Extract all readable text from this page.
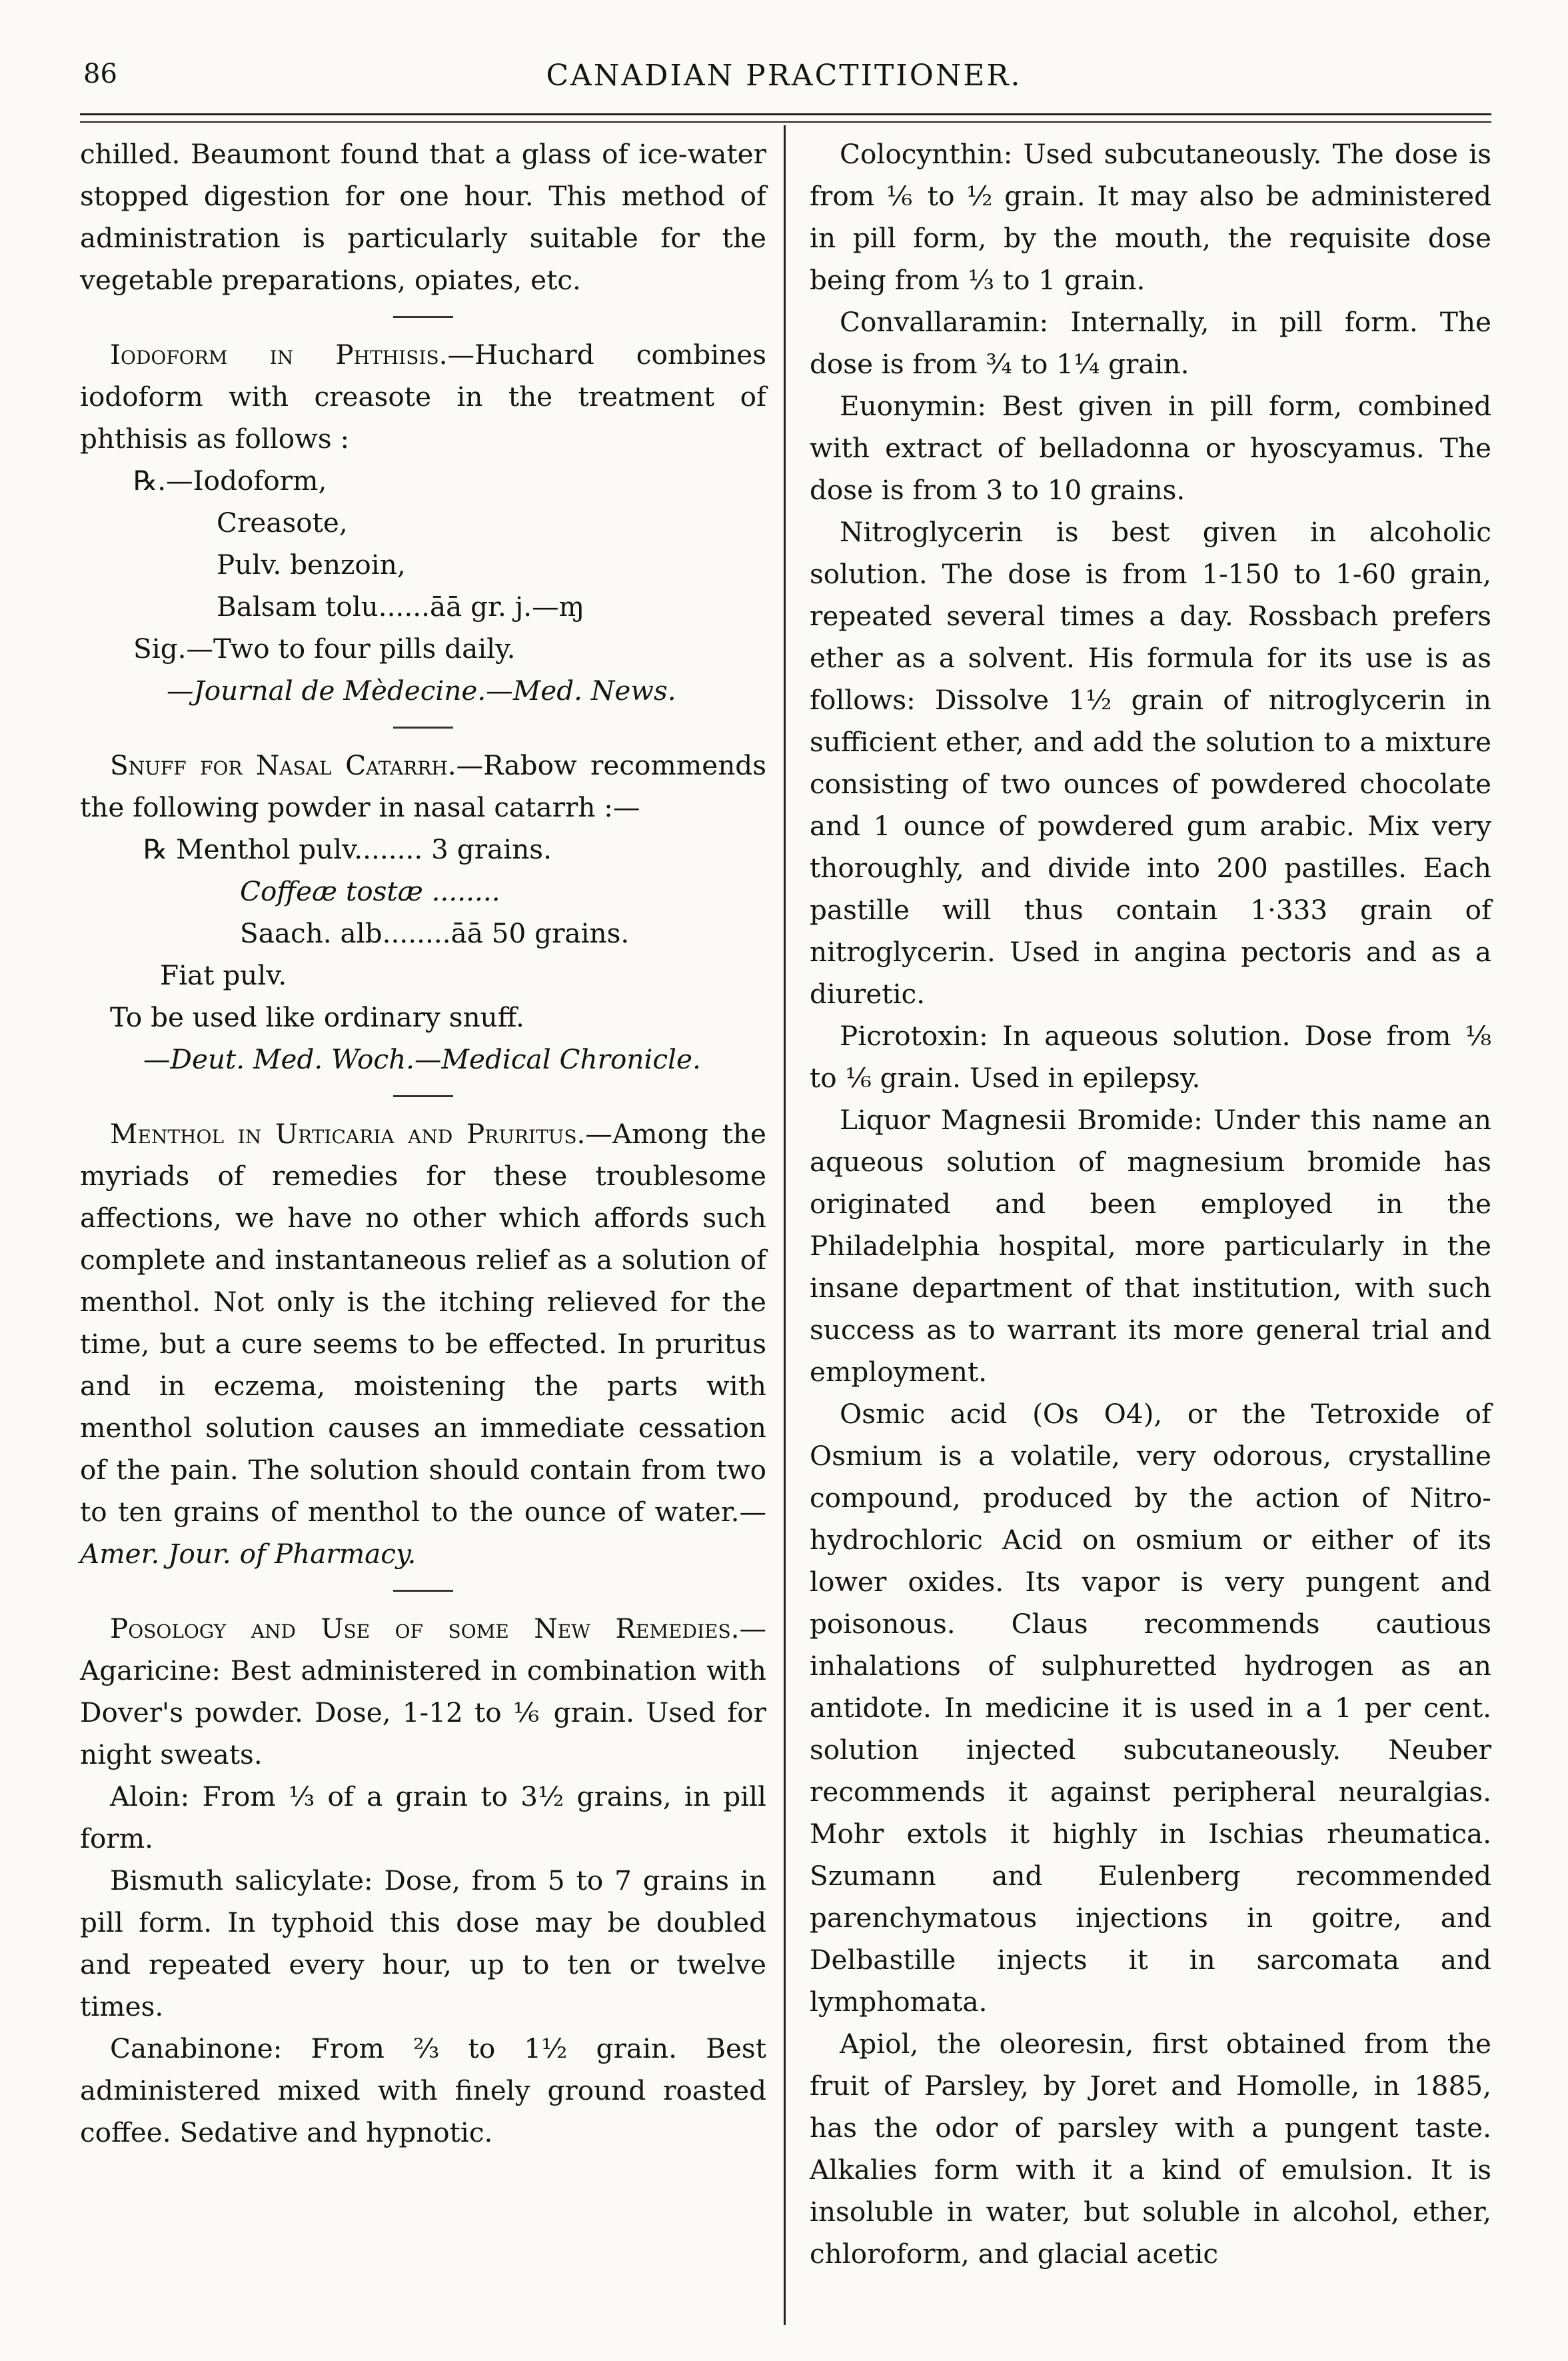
86	CANADIAN PRACTITIONER.

chilled. Beaumont found that a glass of ice-water stopped digestion for one hour. This method of administration is particularly suitable for the vegetable preparations, opiates, etc.

Iodoform in Phthisis.—Huchard combines iodoform with creasote in the treatment of phthisis as follows :

℞.—Iodoform,
Creasote,
Pulv. benzoin,
Balsam tolu......āā gr. j.—ɱ
Sig.—Two to four pills daily.
—Journal de Mèdecine.—Med. News.

Snuff for Nasal Catarrh.—Rabow recommends the following powder in nasal catarrh :—

℞ Menthol pulv........ 3 grains.
Coffeæ tostæ ........
Saach. alb........āā 50 grains.
Fiat pulv.
To be used like ordinary snuff.
—Deut. Med. Woch.—Medical Chronicle.

Menthol in Urticaria and Pruritus.—Among the myriads of remedies for these troublesome affections, we have no other which affords such complete and instantaneous relief as a solution of menthol. Not only is the itching relieved for the time, but a cure seems to be effected. In pruritus and in eczema, moistening the parts with menthol solution causes an immediate cessation of the pain. The solution should contain from two to ten grains of menthol to the ounce of water.—Amer. Jour. of Pharmacy.

Posology and Use of some New Remedies.—Agaricine: Best administered in combination with Dover's powder. Dose, 1-12 to ⅙ grain. Used for night sweats.

Aloin: From ⅓ of a grain to 3½ grains, in pill form.

Bismuth salicylate: Dose, from 5 to 7 grains in pill form. In typhoid this dose may be doubled and repeated every hour, up to ten or twelve times.

Canabinone: From ⅔ to 1½ grain. Best administered mixed with finely ground roasted coffee. Sedative and hypnotic.

Colocynthin: Used subcutaneously. The dose is from ⅙ to ½ grain. It may also be administered in pill form, by the mouth, the requisite dose being from ⅓ to 1 grain.

Convallaramin: Internally, in pill form. The dose is from ¾ to 1¼ grain.

Euonymin: Best given in pill form, combined with extract of belladonna or hyoscyamus. The dose is from 3 to 10 grains.

Nitroglycerin is best given in alcoholic solution. The dose is from 1-150 to 1-60 grain, repeated several times a day. Rossbach prefers ether as a solvent. His formula for its use is as follows: Dissolve 1½ grain of nitroglycerin in sufficient ether, and add the solution to a mixture consisting of two ounces of powdered chocolate and 1 ounce of powdered gum arabic. Mix very thoroughly, and divide into 200 pastilles. Each pastille will thus contain 1·333 grain of nitroglycerin. Used in angina pectoris and as a diuretic.

Picrotoxin: In aqueous solution. Dose from ⅛ to ⅙ grain. Used in epilepsy.

Liquor Magnesii Bromide: Under this name an aqueous solution of magnesium bromide has originated and been employed in the Philadelphia hospital, more particularly in the insane department of that institution, with such success as to warrant its more general trial and employment.

Osmic acid (Os O4), or the Tetroxide of Osmium is a volatile, very odorous, crystalline compound, produced by the action of Nitro-hydrochloric Acid on osmium or either of its lower oxides. Its vapor is very pungent and poisonous. Claus recommends cautious inhalations of sulphuretted hydrogen as an antidote. In medicine it is used in a 1 per cent. solution injected subcutaneously. Neuber recommends it against peripheral neuralgias. Mohr extols it highly in Ischias rheumatica. Szumann and Eulenberg recommended parenchymatous injections in goitre, and Delbastille injects it in sarcomata and lymphomata.

Apiol, the oleoresin, first obtained from the fruit of Parsley, by Joret and Homolle, in 1885, has the odor of parsley with a pungent taste. Alkalies form with it a kind of emulsion. It is insoluble in water, but soluble in alcohol, ether, chloroform, and glacial acetic
